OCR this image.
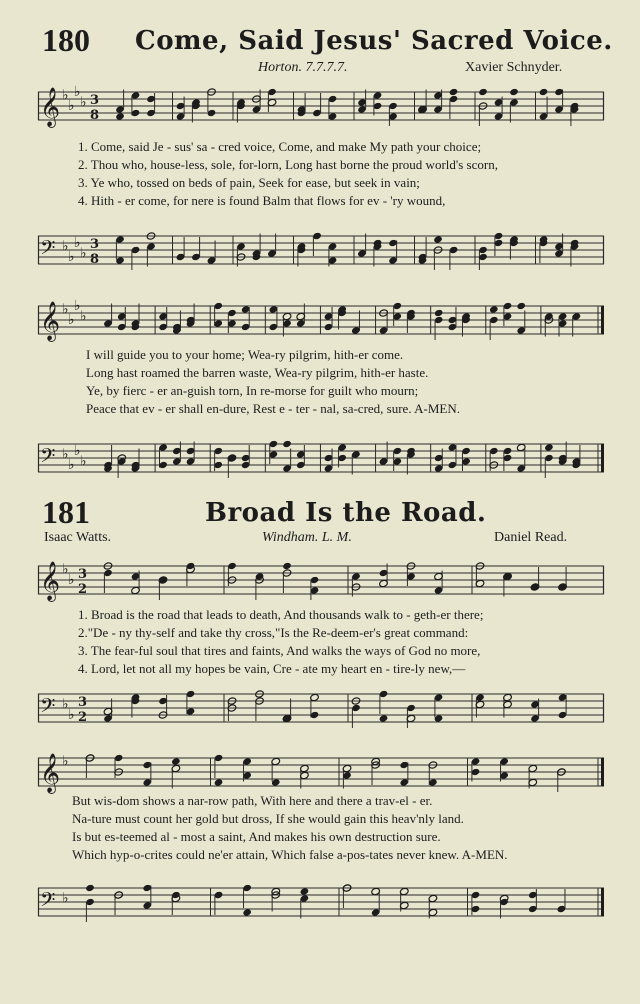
180 Come, Said Jesus' Sacred Voice.
Horton. 7.7.7.7.	Xavier Schnyder.
𝄞 ♭
♭
♭
♭ 3
8
1. Come, said Je - sus' sa - cred voice, Come, and make My path your choice;
2. Thou who, house-less, sole, for-lorn, Long hast borne the proud world's scorn,
3. Ye who, tossed on beds of pain, Seek for ease, but seek in vain;
4. Hith - er come, for nere is found Balm that flows for ev - 'ry wound,
𝄢 ♭
♭
♭
♭
3
8
𝄞 ♭
♭
♭
♭
I will guide you to your home; Wea-ry pilgrim, hith-er come.
Long hast roamed the barren waste, Wea-ry pilgrim, hith-er haste.
Ye, by fierc - er an-guish torn, In re-morse for guilt who mourn;
Peace that ev - er shall en-dure, Rest e - ter - nal, sa-cred, sure. A-MEN.
𝄢 ♭
♭
♭
♭
181	Broad Is the Road.
Isaac Watts.	Windham. L. M.	Daniel Read.
𝄞 ♭
♭ 3
2
1. Broad is the road that leads to death, And thousands walk to - geth-er there;
2."De - ny thy-self and take thy cross,"Is the Re-deem-er's great command:
3. The fear-ful soul that tires and faints, And walks the ways of God no more,
4. Lord, let not all my hopes be vain, Cre - ate my heart en - tire-ly new,—
𝄢 ♭
♭
3
2
𝄞 ♭
But wis-dom shows a nar-row path, With here and there a trav-el - er.
Na-ture must count her gold but dross, If she would gain this heav'nly land.
Is but es-teemed al - most a saint, And makes his own destruction sure.
Which hyp-o-crites could ne'er attain, Which false a-pos-tates never knew. A-MEN.
𝄢 ♭
